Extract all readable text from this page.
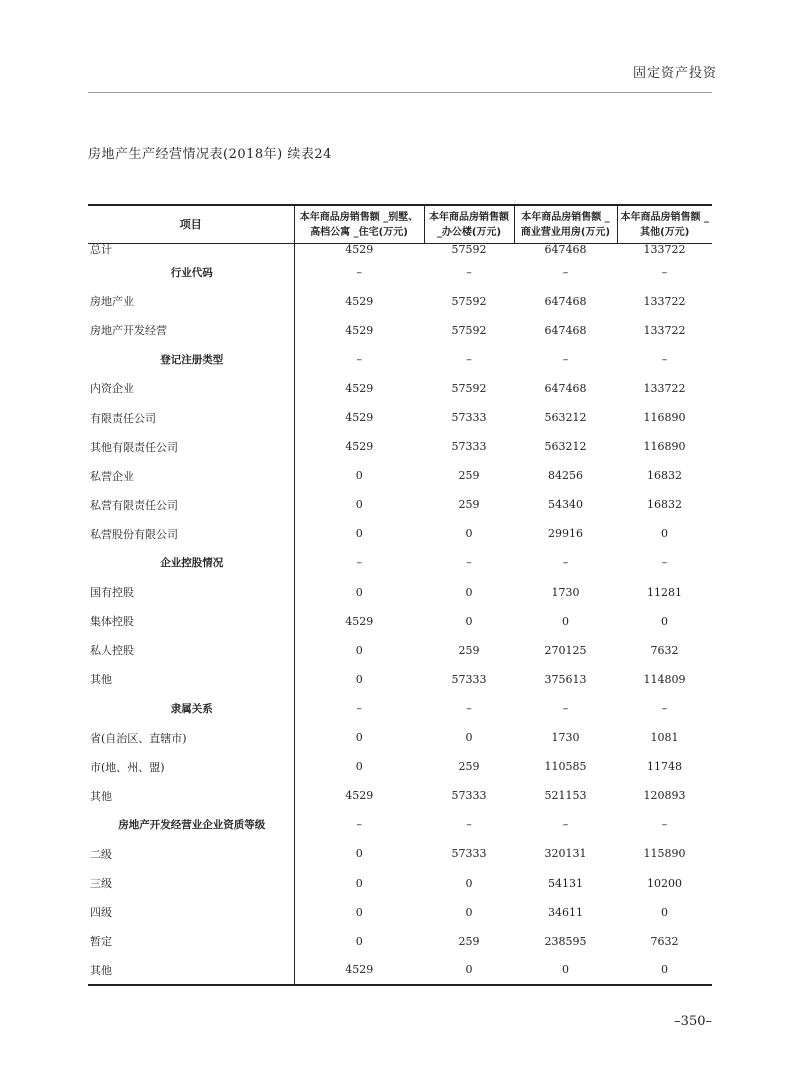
固定资产投资
房地产生产经营情况表(2018年) 续表24
项目	本年商品房销售额 _别墅、高档公寓 _住宅(万元)	本年商品房销售额 _办公楼(万元)	本年商品房销售额 _商业营业用房(万元)	本年商品房销售额 _其他(万元)
总计	4529	57592	647468	133722
行业代码	–	–	–	–
房地产业	4529	57592	647468	133722
房地产开发经营	4529	57592	647468	133722
登记注册类型	–	–	–	–
内资企业	4529	57592	647468	133722
有限责任公司	4529	57333	563212	116890
其他有限责任公司	4529	57333	563212	116890
私营企业	0	259	84256	16832
私营有限责任公司	0	259	54340	16832
私营股份有限公司	0	0	29916	0
企业控股情况	–	–	–	–
国有控股	0	0	1730	11281
集体控股	4529	0	0	0
私人控股	0	259	270125	7632
其他	0	57333	375613	114809
隶属关系	–	–	–	–
省(自治区、直辖市)	0	0	1730	1081
市(地、州、盟)	0	259	110585	11748
其他	4529	57333	521153	120893
房地产开发经营业企业资质等级	–	–	–	–
二级	0	57333	320131	115890
三级	0	0	54131	10200
四级	0	0	34611	0
暂定	0	259	238595	7632
其他	4529	0	0	0
–350–
